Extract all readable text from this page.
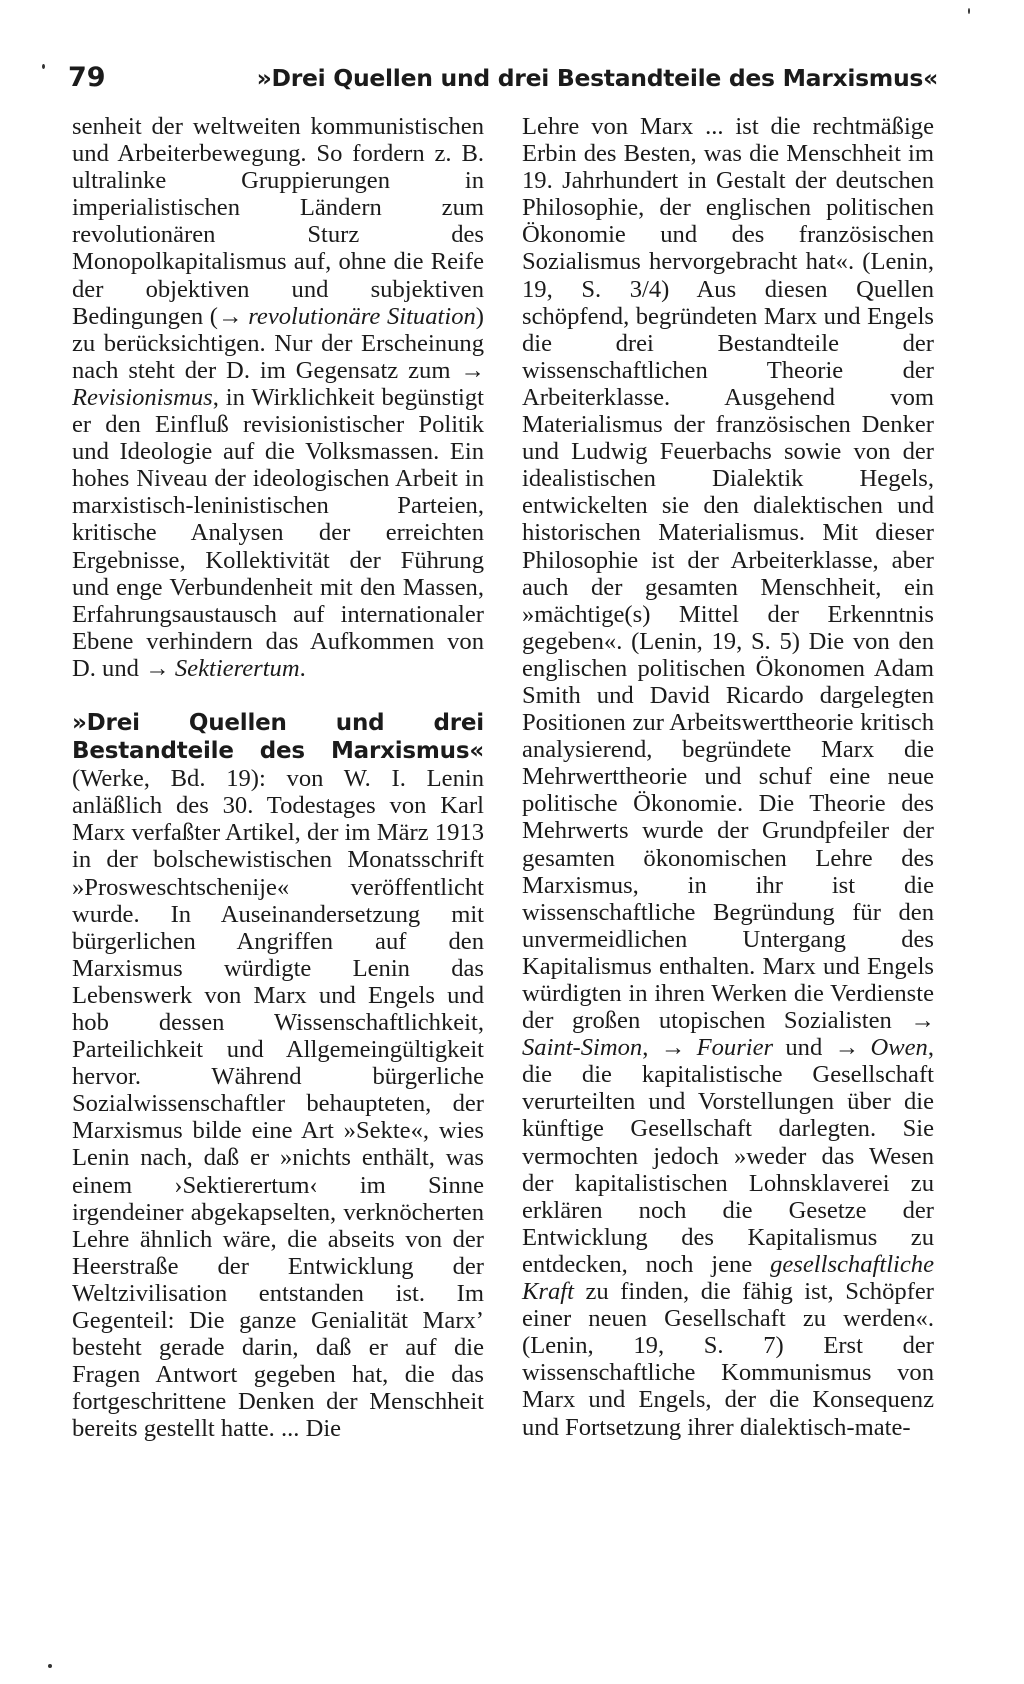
79	»Drei Quellen und drei Bestandteile des Marxismus«

senheit der weltweiten kommunistischen und Arbeiterbewegung. So fordern z. B. ultralinke Gruppierungen in imperialistischen Ländern zum revolutionären Sturz des Monopolkapitalismus auf, ohne die Reife der objektiven und subjektiven Bedingungen (→ revolutionäre Situation) zu berücksichtigen. Nur der Erscheinung nach steht der D. im Gegensatz zum → Revisionismus, in Wirklichkeit begünstigt er den Einfluß revisionistischer Politik und Ideologie auf die Volksmassen. Ein hohes Niveau der ideologischen Arbeit in marxistisch-leninistischen Parteien, kritische Analysen der erreichten Ergebnisse, Kollektivität der Führung und enge Verbundenheit mit den Massen, Erfahrungsaustausch auf internationaler Ebene verhindern das Aufkommen von D. und → Sektierertum.

»Drei Quellen und drei Bestandteile des Marxismus« (Werke, Bd. 19): von W. I. Lenin anläßlich des 30. Todestages von Karl Marx verfaßter Artikel, der im März 1913 in der bolschewistischen Monatsschrift »Prosweschtschenije« veröffentlicht wurde. In Auseinandersetzung mit bürgerlichen Angriffen auf den Marxismus würdigte Lenin das Lebenswerk von Marx und Engels und hob dessen Wissenschaftlichkeit, Parteilichkeit und Allgemeingültigkeit hervor. Während bürgerliche Sozialwissenschaftler behaupteten, der Marxismus bilde eine Art »Sekte«, wies Lenin nach, daß er »nichts enthält, was einem ›Sektierertum‹ im Sinne irgendeiner abgekapselten, verknöcherten Lehre ähnlich wäre, die abseits von der Heerstraße der Entwicklung der Weltzivilisation entstanden ist. Im Gegenteil: Die ganze Genialität Marx’ besteht gerade darin, daß er auf die Fragen Antwort gegeben hat, die das fortgeschrittene Denken der Menschheit bereits gestellt hatte. ... Die

Lehre von Marx ... ist die rechtmäßige Erbin des Besten, was die Menschheit im 19. Jahrhundert in Gestalt der deutschen Philosophie, der englischen politischen Ökonomie und des französischen Sozialismus hervorgebracht hat«. (Lenin, 19, S. 3/4) Aus diesen Quellen schöpfend, begründeten Marx und Engels die drei Bestandteile der wissenschaftlichen Theorie der Arbeiterklasse. Ausgehend vom Materialismus der französischen Denker und Ludwig Feuerbachs sowie von der idealistischen Dialektik Hegels, entwickelten sie den dialektischen und historischen Materialismus. Mit dieser Philosophie ist der Arbeiterklasse, aber auch der gesamten Menschheit, ein »mächtige(s) Mittel der Erkenntnis gegeben«. (Lenin, 19, S. 5) Die von den englischen politischen Ökonomen Adam Smith und David Ricardo dargelegten Positionen zur Arbeitswerttheorie kritisch analysierend, begründete Marx die Mehrwerttheorie und schuf eine neue politische Ökonomie. Die Theorie des Mehrwerts wurde der Grundpfeiler der gesamten ökonomischen Lehre des Marxismus, in ihr ist die wissenschaftliche Begründung für den unvermeidlichen Untergang des Kapitalismus enthalten. Marx und Engels würdigten in ihren Werken die Verdienste der großen utopischen Sozialisten → Saint-Simon, → Fourier und → Owen, die die kapitalistische Gesellschaft verurteilten und Vorstellungen über die künftige Gesellschaft darlegten. Sie vermochten jedoch »weder das Wesen der kapitalistischen Lohnsklaverei zu erklären noch die Gesetze der Entwicklung des Kapitalismus zu entdecken, noch jene gesellschaftliche Kraft zu finden, die fähig ist, Schöpfer einer neuen Gesellschaft zu werden«. (Lenin, 19, S. 7) Erst der wissenschaftliche Kommunismus von Marx und Engels, der die Konsequenz und Fortsetzung ihrer dialektisch-mate-
